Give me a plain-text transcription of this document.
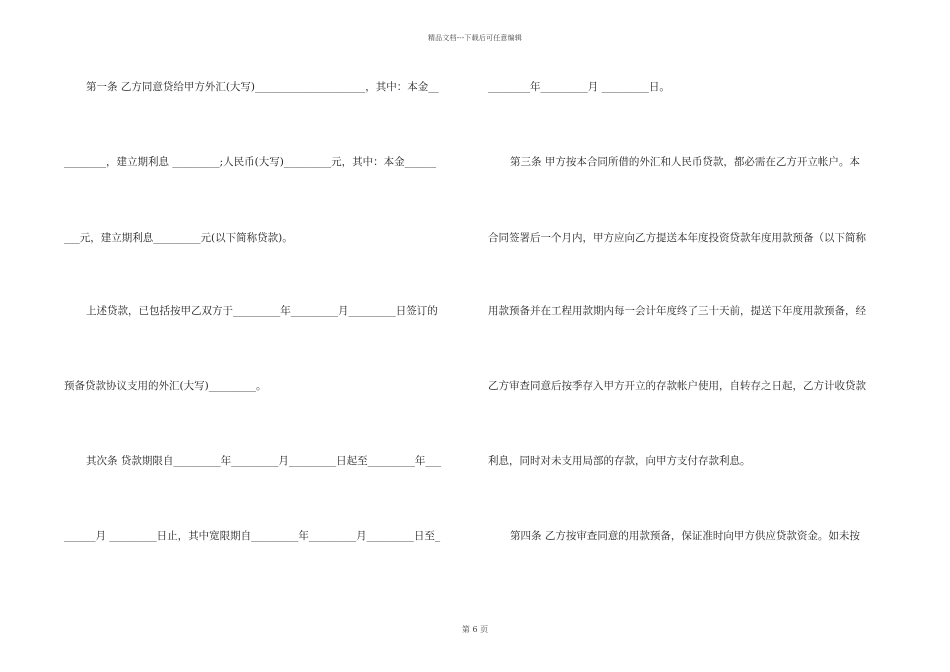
精品文档---下载后可任意编辑
第一条 乙方同意贷给甲方外汇(大写)_____________________，其中：本金__
________，建立期利息 _________;人民币(大写)_________元，其中：本金______
___元，建立期利息_________元(以下简称贷款)。
上述贷款，已包括按甲乙双方于_________年_________月_________日签订的
预备贷款协议支用的外汇(大写)_________。
其次条 贷款期限自_________年_________月_________日起至_________年___
______月 _________日止，其中宽限期自_________年_________月_________日至_
________年_________月 _________日。
第三条 甲方按本合同所借的外汇和人民币贷款，都必需在乙方开立帐户。本
合同签署后一个月内，甲方应向乙方提送本年度投资贷款年度用款预备（以下简称
用款预备并在工程用款期内每一会计年度终了三十天前，提送下年度用款预备，经
乙方审查同意后按季存入甲方开立的存款帐户使用，自转存之日起，乙方计收贷款
利息，同时对未支用局部的存款，向甲方支付存款利息。
第四条 乙方按审查同意的用款预备，保证准时向甲方供应贷款资金。如未按
第 6 页
